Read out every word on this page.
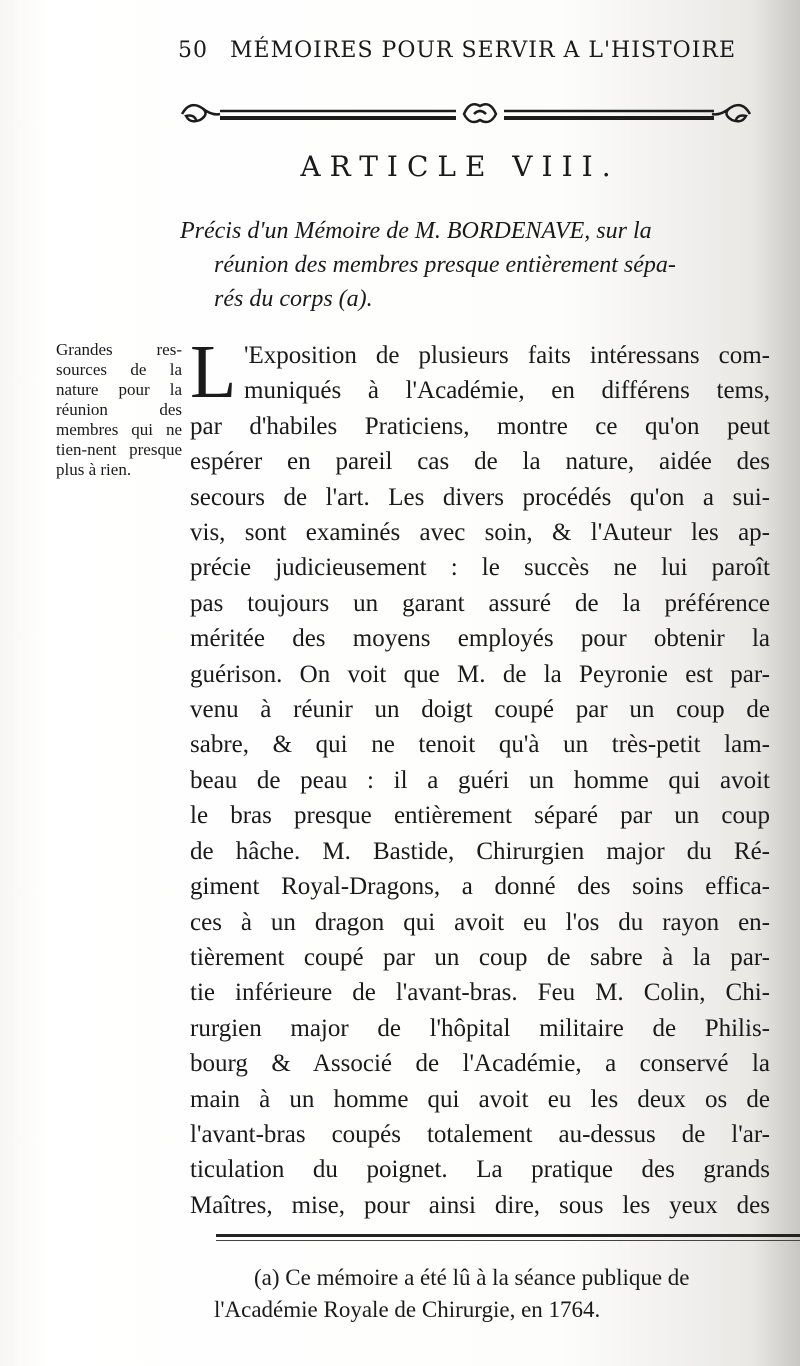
50 MÉMOIRES POUR SERVIR A L'HISTOIRE
ARTICLE VIII.
Précis d'un Mémoire de M. BORDENAVE, sur la
réunion des membres presque entièrement sépa-
rés du corps (a).
Grandes res-sources de la nature pour la réunion des membres qui ne tien-nent presque plus à rien.
L 'Exposition de plusieurs faits intéressans com-
muniqués à l'Académie, en différens tems,
par d'habiles Praticiens, montre ce qu'on peut
espérer en pareil cas de la nature, aidée des
secours de l'art. Les divers procédés qu'on a sui-
vis, sont examinés avec soin, & l'Auteur les ap-
précie judicieusement : le succès ne lui paroît
pas toujours un garant assuré de la préférence
méritée des moyens employés pour obtenir la
guérison. On voit que M. de la Peyronie est par-
venu à réunir un doigt coupé par un coup de
sabre, & qui ne tenoit qu'à un très-petit lam-
beau de peau : il a guéri un homme qui avoit
le bras presque entièrement séparé par un coup
de hâche. M. Bastide, Chirurgien major du Ré-
giment Royal-Dragons, a donné des soins effica-
ces à un dragon qui avoit eu l'os du rayon en-
tièrement coupé par un coup de sabre à la par-
tie inférieure de l'avant-bras. Feu M. Colin, Chi-
rurgien major de l'hôpital militaire de Philis-
bourg & Associé de l'Académie, a conservé la
main à un homme qui avoit eu les deux os de
l'avant-bras coupés totalement au-dessus de l'ar-
ticulation du poignet. La pratique des grands
Maîtres, mise, pour ainsi dire, sous les yeux des
(a) Ce mémoire a été lû à la séance publique de
l'Académie Royale de Chirurgie, en 1764.
